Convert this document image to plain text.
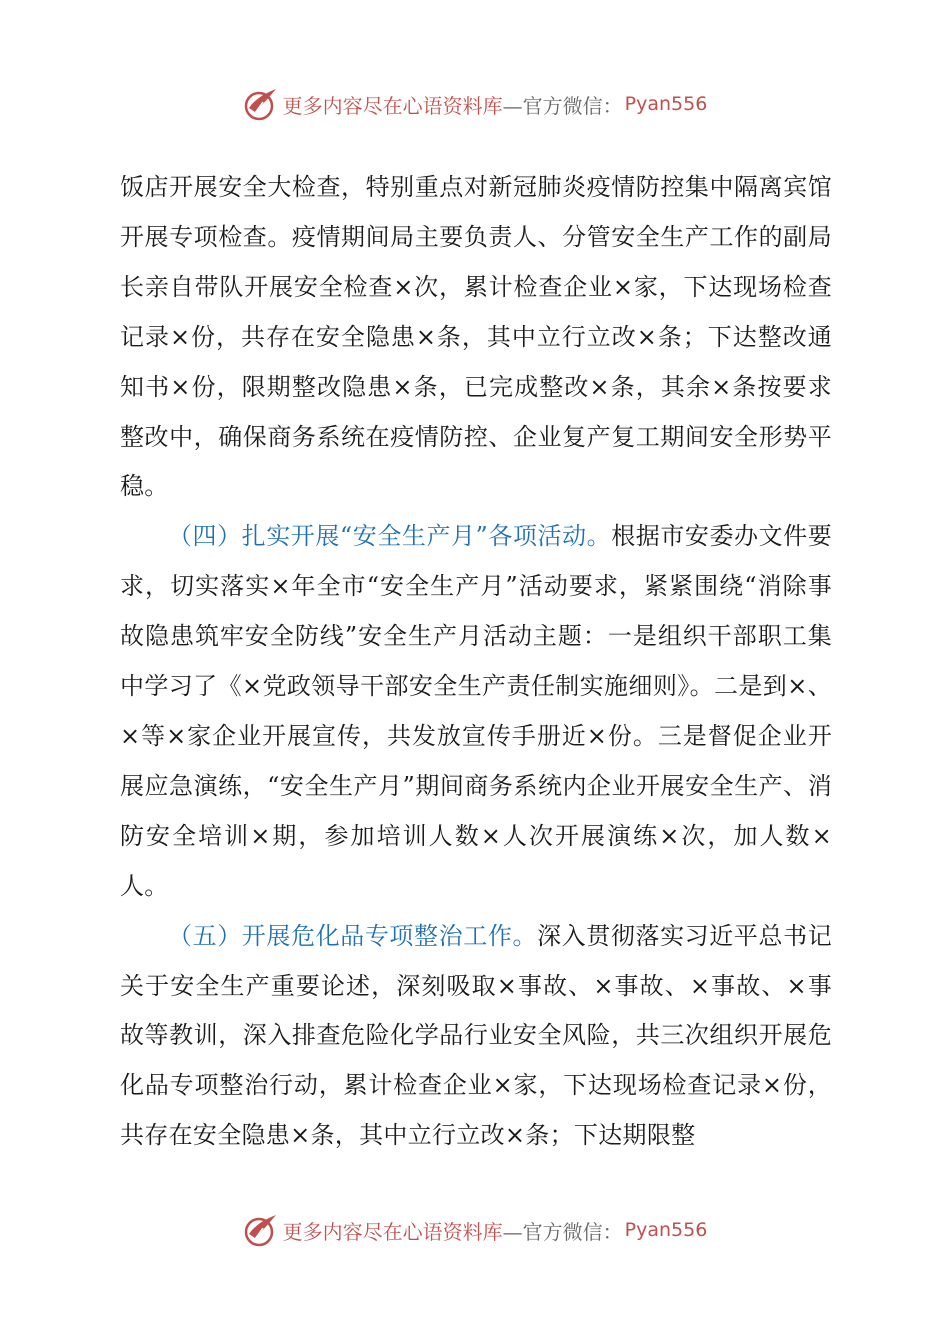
更多内容尽在心语资料库 —官方微信： Pyan556

饭店开展安全大检查，特别重点对新冠肺炎疫情防控集中隔离宾馆开展专项检查。疫情期间局主要负责人、分管安全生产工作的副局长亲自带队开展安全检查×次，累计检查企业×家，下达现场检查记录×份，共存在安全隐患×条，其中立行立改×条；下达整改通知书×份，限期整改隐患×条，已完成整改×条，其余×条按要求整改中，确保商务系统在疫情防控、企业复产复工期间安全形势平稳。

（四）扎实开展“安全生产月”各项活动。根据市安委办文件要求，切实落实×年全市“安全生产月”活动要求，紧紧围绕“消除事故隐患筑牢安全防线”安全生产月活动主题：一是组织干部职工集中学习了《×党政领导干部安全生产责任制实施细则》。二是到×、×等×家企业开展宣传，共发放宣传手册近×份。三是督促企业开展应急演练，“安全生产月”期间商务系统内企业开展安全生产、消防安全培训×期，参加培训人数×人次开展演练×次，加人数×人。

（五）开展危化品专项整治工作。深入贯彻落实习近平总书记关于安全生产重要论述，深刻吸取×事故、×事故、×事故、×事故等教训，深入排查危险化学品行业安全风险，共三次组织开展危化品专项整治行动，累计检查企业×家，下达现场检查记录×份，共存在安全隐患×条，其中立行立改×条；下达期限整

更多内容尽在心语资料库 —官方微信： Pyan556
